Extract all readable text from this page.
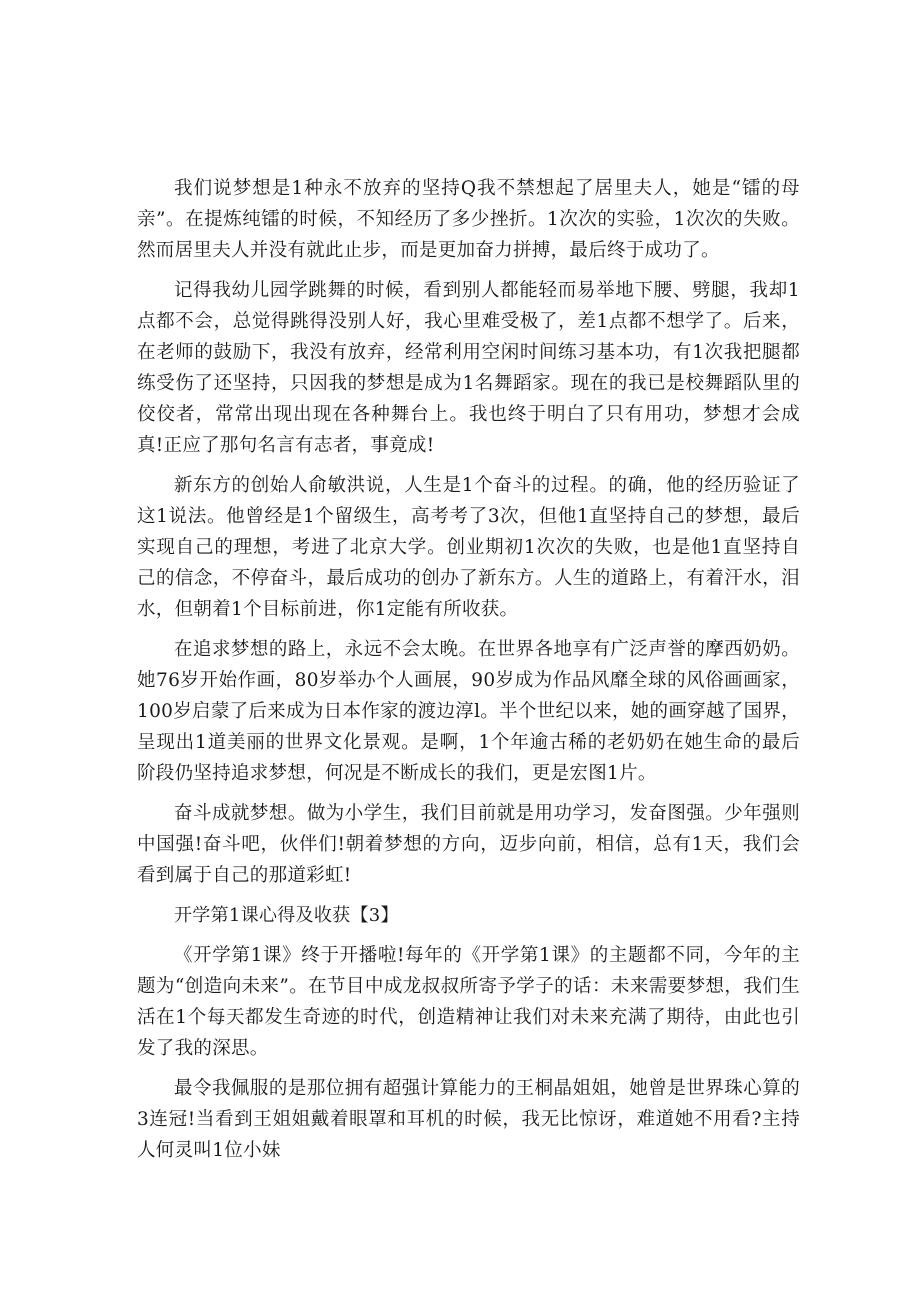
我们说梦想是1种永不放弃的坚持Q我不禁想起了居里夫人，她是“镭的母亲”。在提炼纯镭的时候，不知经历了多少挫折。1次次的实验，1次次的失败。然而居里夫人并没有就此止步，而是更加奋力拼搏，最后终于成功了。

记得我幼儿园学跳舞的时候，看到别人都能轻而易举地下腰、劈腿，我却1点都不会，总觉得跳得没别人好，我心里难受极了，差1点都不想学了。后来，在老师的鼓励下，我没有放弃，经常利用空闲时间练习基本功，有1次我把腿都练受伤了还坚持，只因我的梦想是成为1名舞蹈家。现在的我已是校舞蹈队里的佼佼者，常常出现出现在各种舞台上。我也终于明白了只有用功，梦想才会成真!正应了那句名言有志者，事竟成!

新东方的创始人俞敏洪说，人生是1个奋斗的过程。的确，他的经历验证了这1说法。他曾经是1个留级生，高考考了3次，但他1直坚持自己的梦想，最后实现自己的理想，考进了北京大学。创业期初1次次的失败，也是他1直坚持自己的信念，不停奋斗，最后成功的创办了新东方。人生的道路上，有着汗水，泪水，但朝着1个目标前进，你1定能有所收获。

在追求梦想的路上，永远不会太晚。在世界各地享有广泛声誉的摩西奶奶。她76岁开始作画，80岁举办个人画展，90岁成为作品风靡全球的风俗画画家，100岁启蒙了后来成为日本作家的渡边淳l。半个世纪以来，她的画穿越了国界，呈现出1道美丽的世界文化景观。是啊，1个年逾古稀的老奶奶在她生命的最后阶段仍坚持追求梦想，何况是不断成长的我们，更是宏图1片。

奋斗成就梦想。做为小学生，我们目前就是用功学习，发奋图强。少年强则中国强!奋斗吧，伙伴们!朝着梦想的方向，迈步向前，相信，总有1天，我们会看到属于自己的那道彩虹!

开学第1课心得及收获【3】

《开学第1课》终于开播啦!每年的《开学第1课》的主题都不同，今年的主题为“创造向未来”。在节目中成龙叔叔所寄予学子的话：未来需要梦想，我们生活在1个每天都发生奇迹的时代，创造精神让我们对未来充满了期待，由此也引发了我的深思。

最令我佩服的是那位拥有超强计算能力的王桐晶姐姐，她曾是世界珠心算的3连冠!当看到王姐姐戴着眼罩和耳机的时候，我无比惊讶，难道她不用看?主持人何灵叫1位小妹
